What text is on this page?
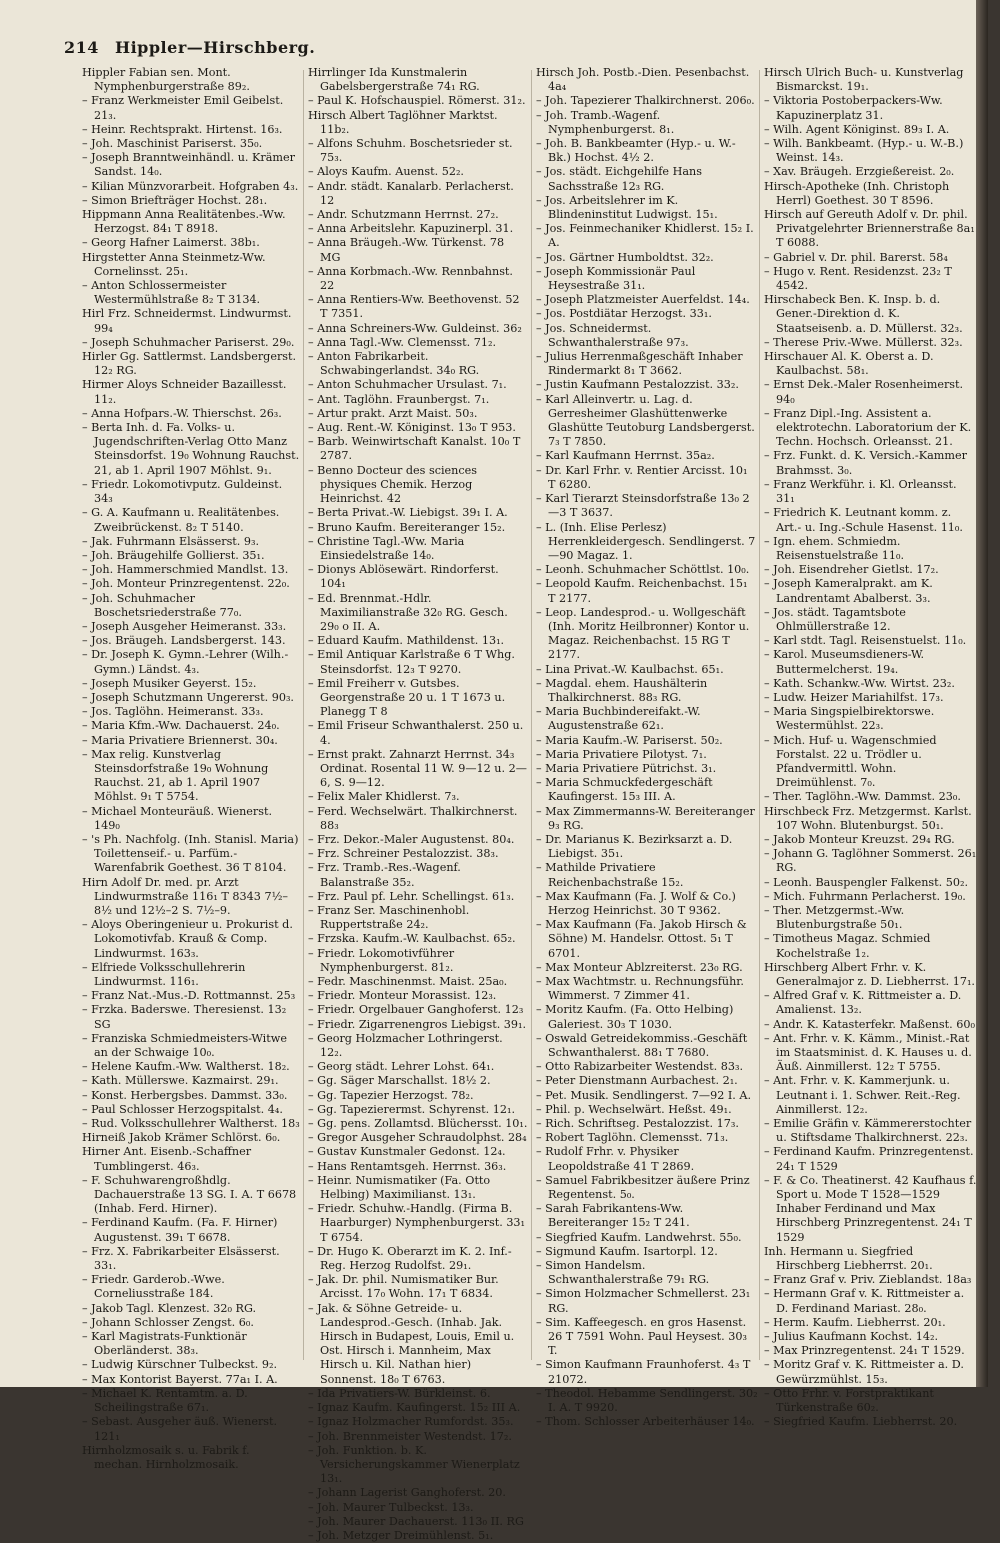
214 Hippler—Hirschberg.
Hippler Fabian sen. Mont. Nymphenburgerstraße 89₂.
– Franz Werkmeister Emil Geibelst. 21₃.
– Heinr. Rechtsprakt. Hirtenst. 16₃.
– Joh. Maschinist Pariserst. 35₀.
– Joseph Branntweinhändl. u. Krämer Sandst. 14₀.
– Kilian Münzvorarbeit. Hofgraben 4₃.
– Simon Briefträger Hochst. 28₁.
Hippmann Anna Realitätenbes.-Ww. Herzogst. 84₁ T 8918.
– Georg Hafner Laimerst. 38b₁.
Hirgstetter Anna Steinmetz-Ww. Cornelinsst. 25₁.
– Anton Schlossermeister Westermühlstraße 8₂ T 3134.
Hirl Frz. Schneidermst. Lindwurmst. 99₄
– Joseph Schuhmacher Pariserst. 29₀.
Hirler Gg. Sattlermst. Landsbergerst. 12₂ RG.
Hirmer Aloys Schneider Bazaillesst. 11₂.
– Anna Hofpars.-W. Thierschst. 26₃.
– Berta Inh. d. Fa. Volks- u. Jugendschriften-Verlag Otto Manz Steinsdorfst. 19₀ Wohnung Rauchst. 21, ab 1. April 1907 Möhlst. 9₁.
– Friedr. Lokomotivputz. Guldeinst. 34₃
– G. A. Kaufmann u. Realitätenbes. Zweibrückenst. 8₂ T 5140.
– Jak. Fuhrmann Elsässerst. 9₃.
– Joh. Bräugehilfe Gollierst. 35₁.
– Joh. Hammerschmied Mandlst. 13.
– Joh. Monteur Prinzregentenst. 22₀.
– Joh. Schuhmacher Boschetsriederstraße 77₀.
– Joseph Ausgeher Heimeranst. 33₃.
– Jos. Bräugeh. Landsbergerst. 143.
– Dr. Joseph K. Gymn.-Lehrer (Wilh.-Gymn.) Ländst. 4₃.
– Joseph Musiker Geyerst. 15₂.
– Joseph Schutzmann Ungererst. 90₃.
– Jos. Taglöhn. Heimeranst. 33₃.
– Maria Kfm.-Ww. Dachauerst. 24₀.
– Maria Privatiere Briennerst. 30₄.
– Max relig. Kunstverlag Steinsdorfstraße 19₀ Wohnung Rauchst. 21, ab 1. April 1907 Möhlst. 9₁ T 5754.
– Michael Monteuräuß. Wienerst. 149₀
– 's Ph. Nachfolg. (Inh. Stanisl. Maria) Toilettenseif.- u. Parfüm.-Warenfabrik Goethest. 36 T 8104.
Hirn Adolf Dr. med. pr. Arzt Lindwurmstraße 116₁ T 8343 7½–8½ und 12½–2 S. 7½–9.
– Aloys Oberingenieur u. Prokurist d. Lokomotivfab. Krauß & Comp. Lindwurmst. 163₃.
– Elfriede Volksschullehrerin Lindwurmst. 116₁.
– Franz Nat.-Mus.-D. Rottmannst. 25₃
– Frzka. Baderswe. Theresienst. 13₂ SG
– Franziska Schmiedmeisters-Witwe an der Schwaige 10₀.
– Helene Kaufm.-Ww. Waltherst. 18₂.
– Kath. Müllerswe. Kazmairst. 29₁.
– Konst. Herbergsbes. Dammst. 33₀.
– Paul Schlosser Herzogspitalst. 4₄.
– Rud. Volksschullehrer Waltherst. 18₃
Hirneiß Jakob Krämer Schlörst. 6₀.
Hirner Ant. Eisenb.-Schaffner Tumblingerst. 46₃.
– F. Schuhwarengroßhdlg. Dachauerstraße 13 SG. I. A. T 6678 (Inhab. Ferd. Hirner).
– Ferdinand Kaufm. (Fa. F. Hirner) Augustenst. 39₁ T 6678.
– Frz. X. Fabrikarbeiter Elsässerst. 33₁.
– Friedr. Garderob.-Wwe. Corneliusstraße 184.
– Jakob Tagl. Klenzest. 32₀ RG.
– Johann Schlosser Zengst. 6₀.
– Karl Magistrats-Funktionär Oberländerst. 38₃.
– Ludwig Kürschner Tulbeckst. 9₂.
– Max Kontorist Bayerst. 77a₁ I. A.
– Michael K. Rentamtm. a. D. Scheilingstraße 67₁.
– Sebast. Ausgeher äuß. Wienerst. 121₁
Hirnholzmosaik s. u. Fabrik f. mechan. Hirnholzmosaik.
Hirrlinger Ida Kunstmalerin Gabelsbergerstraße 74₁ RG.
– Paul K. Hofschauspiel. Römerst. 31₂.
Hirsch Albert Taglöhner Marktst. 11b₂.
– Alfons Schuhm. Boschetsrieder st. 75₃.
– Aloys Kaufm. Auenst. 52₂.
– Andr. städt. Kanalarb. Perlacherst. 12
– Andr. Schutzmann Herrnst. 27₂.
– Anna Arbeitslehr. Kapuzinerpl. 31.
– Anna Bräugeh.-Ww. Türkenst. 78 MG
– Anna Korbmach.-Ww. Rennbahnst. 22
– Anna Rentiers-Ww. Beethovenst. 52 T 7351.
– Anna Schreiners-Ww. Guldeinst. 36₂
– Anna Tagl.-Ww. Clemensst. 71₂.
– Anton Fabrikarbeit. Schwabingerlandst. 34₀ RG.
– Anton Schuhmacher Ursulast. 7₁.
– Ant. Taglöhn. Fraunbergst. 7₁.
– Artur prakt. Arzt Maist. 50₃.
– Aug. Rent.-W. Königinst. 13₀ T 953.
– Barb. Weinwirtschaft Kanalst. 10₀ T 2787.
– Benno Docteur des sciences physiques Chemik. Herzog Heinrichst. 42
– Berta Privat.-W. Liebigst. 39₁ I. A.
– Bruno Kaufm. Bereiteranger 15₂.
– Christine Tagl.-Ww. Maria Einsiedelstraße 14₀.
– Dionys Ablösewärt. Rindorferst. 104₁
– Ed. Brennmat.-Hdlr. Maximilianstraße 32₀ RG. Gesch. 29₀ o II. A.
– Eduard Kaufm. Mathildenst. 13₁.
– Emil Antiquar Karlstraße 6 T Whg. Steinsdorfst. 12₃ T 9270.
– Emil Freiherr v. Gutsbes. Georgenstraße 20 u. 1 T 1673 u. Planegg T 8
– Emil Friseur Schwanthalerst. 250 u. 4.
– Ernst prakt. Zahnarzt Herrnst. 34₃ Ordinat. Rosental 11 W. 9—12 u. 2—6, S. 9—12.
– Felix Maler Khidlerst. 7₃.
– Ferd. Wechselwärt. Thalkirchnerst. 88₃
– Frz. Dekor.-Maler Augustenst. 80₄.
– Frz. Schreiner Pestalozzist. 38₃.
– Frz. Tramb.-Res.-Wagenf. Balanstraße 35₂.
– Frz. Paul pf. Lehr. Schellingst. 61₃.
– Franz Ser. Maschinenhobl. Ruppertstraße 24₂.
– Frzska. Kaufm.-W. Kaulbachst. 65₂.
– Friedr. Lokomotivführer Nymphenburgerst. 81₂.
– Fedr. Maschinenmst. Maist. 25a₀.
– Friedr. Monteur Morassist. 12₃.
– Friedr. Orgelbauer Ganghoferst. 12₃
– Friedr. Zigarrenengros Liebigst. 39₁.
– Georg Holzmacher Lothringerst. 12₂.
– Georg städt. Lehrer Lohst. 64₁.
– Gg. Säger Marschallst. 18½ 2.
– Gg. Tapezier Herzogst. 78₂.
– Gg. Tapezierermst. Schyrenst. 12₁.
– Gg. pens. Zollamtsd. Blüchersst. 10₁.
– Gregor Ausgeher Schraudolphst. 28₄
– Gustav Kunstmaler Gedonst. 12₄.
– Hans Rentamtsgeh. Herrnst. 36₃.
– Heinr. Numismatiker (Fa. Otto Helbing) Maximilianst. 13₁.
– Friedr. Schuhw.-Handlg. (Firma B. Haarburger) Nymphenburgerst. 33₁ T 6754.
– Dr. Hugo K. Oberarzt im K. 2. Inf.-Reg. Herzog Rudolfst. 29₁.
– Jak. Dr. phil. Numismatiker Bur. Arcisst. 17₀ Wohn. 17₁ T 6834.
– Jak. & Söhne Getreide- u. Landesprod.-Gesch. (Inhab. Jak. Hirsch in Budapest, Louis, Emil u. Ost. Hirsch i. Mannheim, Max Hirsch u. Kil. Nathan hier) Sonnenst. 18₀ T 6763.
– Ida Privatiers-W. Bürkleinst. 6.
– Ignaz Kaufm. Kaufingerst. 15₂ III A.
– Ignaz Holzmacher Rumfordst. 35₃.
– Joh. Brennmeister Westendst. 17₂.
– Joh. Funktion. b. K. Versicherungskammer Wienerplatz 13₁.
– Johann Lagerist Ganghoferst. 20.
– Joh. Maurer Tulbeckst. 13₃.
– Joh. Maurer Dachauerst. 113₀ II. RG
– Joh. Metzger Dreimühlenst. 5₁.
Hirsch Joh. Postb.-Dien. Pesenbachst. 4a₄
– Joh. Tapezierer Thalkirchnerst. 206₀.
– Joh. Tramb.-Wagenf. Nymphenburgerst. 8₁.
– Joh. B. Bankbeamter (Hyp.- u. W.-Bk.) Hochst. 4½ 2.
– Jos. städt. Eichgehilfe Hans Sachsstraße 12₃ RG.
– Jos. Arbeitslehrer im K. Blindeninstitut Ludwigst. 15₁.
– Jos. Feinmechaniker Khidlerst. 15₂ I. A.
– Jos. Gärtner Humboldtst. 32₂.
– Joseph Kommissionär Paul Heysestraße 31₁.
– Joseph Platzmeister Auerfeldst. 14₄.
– Jos. Postdiätar Herzogst. 33₁.
– Jos. Schneidermst. Schwanthalerstraße 97₃.
– Julius Herrenmaßgeschäft Inhaber Rindermarkt 8₁ T 3662.
– Justin Kaufmann Pestalozzist. 33₂.
– Karl Alleinvertr. u. Lag. d. Gerresheimer Glashüttenwerke Glashütte Teutoburg Landsbergerst. 7₃ T 7850.
– Karl Kaufmann Herrnst. 35a₂.
– Dr. Karl Frhr. v. Rentier Arcisst. 10₁ T 6280.
– Karl Tierarzt Steinsdorfstraße 13₀ 2—3 T 3637.
– L. (Inh. Elise Perlesz) Herrenkleidergesch. Sendlingerst. 7—90 Magaz. 1.
– Leonh. Schuhmacher Schöttlst. 10₀.
– Leopold Kaufm. Reichenbachst. 15₁ T 2177.
– Leop. Landesprod.- u. Wollgeschäft (Inh. Moritz Heilbronner) Kontor u. Magaz. Reichenbachst. 15 RG T 2177.
– Lina Privat.-W. Kaulbachst. 65₁.
– Magdal. ehem. Haushälterin Thalkirchnerst. 88₃ RG.
– Maria Buchbindereifakt.-W. Augustenstraße 62₁.
– Maria Kaufm.-W. Pariserst. 50₂.
– Maria Privatiere Pilotyst. 7₁.
– Maria Privatiere Pütrichst. 3₁.
– Maria Schmuckfedergeschäft Kaufingerst. 15₃ III. A.
– Max Zimmermanns-W. Bereiteranger 9₃ RG.
– Dr. Marianus K. Bezirksarzt a. D. Liebigst. 35₁.
– Mathilde Privatiere Reichenbachstraße 15₂.
– Max Kaufmann (Fa. J. Wolf & Co.) Herzog Heinrichst. 30 T 9362.
– Max Kaufmann (Fa. Jakob Hirsch & Söhne) M. Handelsr. Ottost. 5₁ T 6701.
– Max Monteur Ablzreiterst. 23₀ RG.
– Max Wachtmstr. u. Rechnungsführ. Wimmerst. 7 Zimmer 41.
– Moritz Kaufm. (Fa. Otto Helbing) Galeriest. 30₃ T 1030.
– Oswald Getreidekommiss.-Geschäft Schwanthalerst. 88₁ T 7680.
– Otto Rabizarbeiter Westendst. 83₃.
– Peter Dienstmann Aurbachest. 2₁.
– Pet. Musik. Sendlingerst. 7—92 I. A.
– Phil. p. Wechselwärt. Heßst. 49₁.
– Rich. Schriftseg. Pestalozzist. 17₃.
– Robert Taglöhn. Clemensst. 71₃.
– Rudolf Frhr. v. Physiker Leopoldstraße 41 T 2869.
– Samuel Fabrikbesitzer äußere Prinz Regentenst. 5₀.
– Sarah Fabrikantens-Ww. Bereiteranger 15₂ T 241.
– Siegfried Kaufm. Landwehrst. 55₀.
– Sigmund Kaufm. Isartorpl. 12.
– Simon Handelsm. Schwanthalerstraße 79₁ RG.
– Simon Holzmacher Schmellerst. 23₁ RG.
– Sim. Kaffeegesch. en gros Hasenst. 26 T 7591 Wohn. Paul Heysest. 30₃ T.
– Simon Kaufmann Fraunhoferst. 4₃ T 21072.
– Theodol. Hebamme Sendlingerst. 30₂ I. A. T 9920.
– Thom. Schlosser Arbeiterhäuser 14₀.
Hirsch Ulrich Buch- u. Kunstverlag Bismarckst. 19₁.
– Viktoria Postoberpackers-Ww. Kapuzinerplatz 31.
– Wilh. Agent Königinst. 89₃ I. A.
– Wilh. Bankbeamt. (Hyp.- u. W.-B.) Weinst. 14₃.
– Xav. Bräugeh. Erzgießereist. 2₀.
Hirsch-Apotheke (Inh. Christoph Herrl) Goethest. 30 T 8596.
Hirsch auf Gereuth Adolf v. Dr. phil. Privatgelehrter Briennerstraße 8a₁ T 6088.
– Gabriel v. Dr. phil. Barerst. 58₄
– Hugo v. Rent. Residenzst. 23₂ T 4542.
Hirschabeck Ben. K. Insp. b. d. Gener.-Direktion d. K. Staatseisenb. a. D. Müllerst. 32₃.
– Therese Priv.-Wwe. Müllerst. 32₃.
Hirschauer Al. K. Oberst a. D. Kaulbachst. 58₁.
– Ernst Dek.-Maler Rosenheimerst. 94₀
– Franz Dipl.-Ing. Assistent a. elektrotechn. Laboratorium der K. Techn. Hochsch. Orleansst. 21.
– Frz. Funkt. d. K. Versich.-Kammer Brahmsst. 3₀.
– Franz Werkführ. i. Kl. Orleansst. 31₁
– Friedrich K. Leutnant komm. z. Art.- u. Ing.-Schule Hasenst. 11₀.
– Ign. ehem. Schmiedm. Reisenstuelstraße 11₀.
– Joh. Eisendreher Gietlst. 17₂.
– Joseph Kameralprakt. am K. Landrentamt Abalberst. 3₃.
– Jos. städt. Tagamtsbote Ohlmüllerstraße 12.
– Karl stdt. Tagl. Reisenstuelst. 11₀.
– Karol. Museumsdieners-W. Buttermelcherst. 19₄.
– Kath. Schankw.-Ww. Wirtst. 23₂.
– Ludw. Heizer Mariahilfst. 17₃.
– Maria Singspielbirektorswe. Westermühlst. 22₃.
– Mich. Huf- u. Wagenschmied Forstalst. 22 u. Trödler u. Pfandvermittl. Wohn. Dreimühlenst. 7₀.
– Ther. Taglöhn.-Ww. Dammst. 23₀.
Hirschbeck Frz. Metzgermst. Karlst. 107 Wohn. Blutenburgst. 50₁.
– Jakob Monteur Kreuzst. 29₄ RG.
– Johann G. Taglöhner Sommerst. 26₁ RG.
– Leonh. Bauspengler Falkenst. 50₂.
– Mich. Fuhrmann Perlacherst. 19₀.
– Ther. Metzgermst.-Ww. Blutenburgstraße 50₁.
– Timotheus Magaz. Schmied Kochelstraße 1₂.
Hirschberg Albert Frhr. v. K. Generalmajor z. D. Liebherrst. 17₁.
– Alfred Graf v. K. Rittmeister a. D. Amalienst. 13₂.
– Andr. K. Katasterfekr. Maßenst. 60₀
– Ant. Frhr. v. K. Kämm., Minist.-Rat im Staatsminist. d. K. Hauses u. d. Äuß. Ainmillerst. 12₂ T 5755.
– Ant. Frhr. v. K. Kammerjunk. u. Leutnant i. 1. Schwer. Reit.-Reg. Ainmillerst. 12₂.
– Emilie Gräfin v. Kämmererstochter u. Stiftsdame Thalkirchnerst. 22₃.
– Ferdinand Kaufm. Prinzregentenst. 24₁ T 1529
– F. & Co. Theatinerst. 42 Kaufhaus f. Sport u. Mode T 1528—1529 Inhaber Ferdinand und Max Hirschberg Prinzregentenst. 24₁ T 1529
Inh. Hermann u. Siegfried Hirschberg Liebherrst. 20₁.
– Franz Graf v. Priv. Zieblandst. 18a₃
– Hermann Graf v. K. Rittmeister a. D. Ferdinand Mariast. 28₀.
– Herm. Kaufm. Liebherrst. 20₁.
– Julius Kaufmann Kochst. 14₂.
– Max Prinzregentenst. 24₁ T 1529.
– Moritz Graf v. K. Rittmeister a. D. Gewürzmühlst. 15₃.
– Otto Frhr. v. Forstpraktikant Türkenstraße 60₂.
– Siegfried Kaufm. Liebherrst. 20.
